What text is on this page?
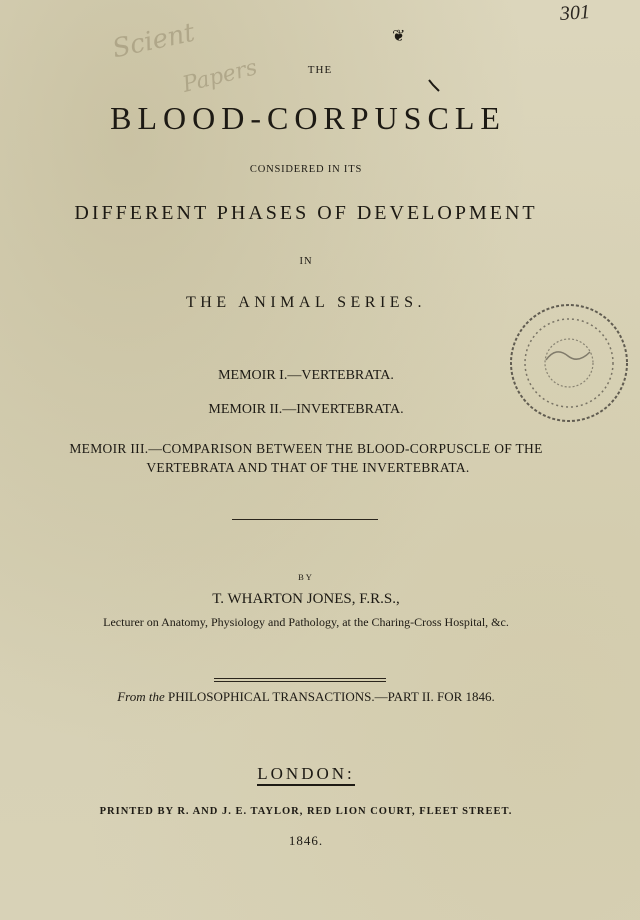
Scient
Papers
301
❦
THE
BLOOD-CORPUSCLE
CONSIDERED IN ITS
DIFFERENT PHASES OF DEVELOPMENT
IN
THE ANIMAL SERIES.
MEMOIR I.—VERTEBRATA.
MEMOIR II.—INVERTEBRATA.
MEMOIR III.—COMPARISON BETWEEN THE BLOOD-CORPUSCLE OF THE
VERTEBRATA AND THAT OF THE INVERTEBRATA.
BY
T. WHARTON JONES, F.R.S.,
Lecturer on Anatomy, Physiology and Pathology, at the Charing-Cross Hospital, &c.
From the PHILOSOPHICAL TRANSACTIONS.—PART II. FOR 1846.
LONDON:
PRINTED BY R. AND J. E. TAYLOR, RED LION COURT, FLEET STREET.
1846.
